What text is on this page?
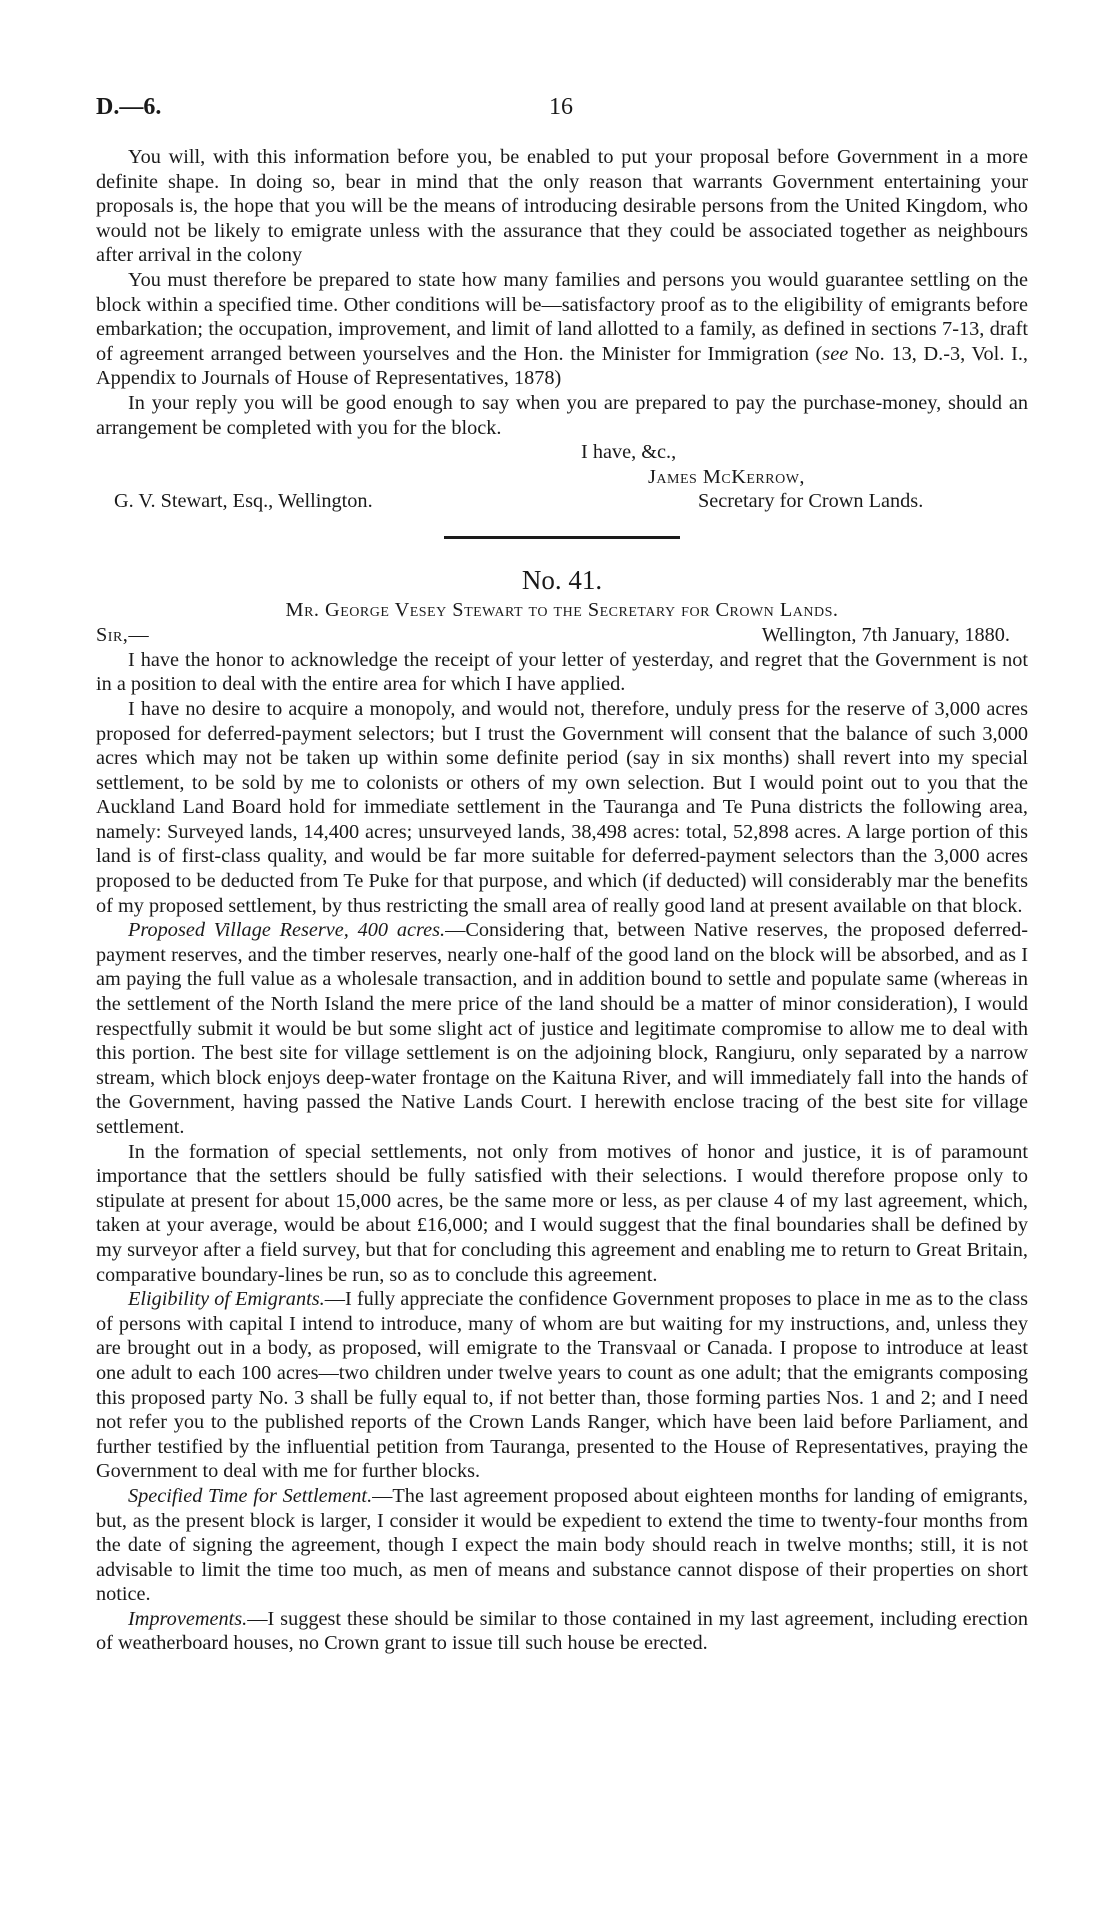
D.—6.	16

You will, with this information before you, be enabled to put your proposal before Government in a more definite shape. In doing so, bear in mind that the only reason that warrants Government entertaining your proposals is, the hope that you will be the means of introducing desirable persons from the United Kingdom, who would not be likely to emigrate unless with the assurance that they could be associated together as neighbours after arrival in the colony

You must therefore be prepared to state how many families and persons you would guarantee settling on the block within a specified time. Other conditions will be—satisfactory proof as to the eligibility of emigrants before embarkation; the occupation, improvement, and limit of land allotted to a family, as defined in sections 7-13, draft of agreement arranged between yourselves and the Hon. the Minister for Immigration (see No. 13, D.-3, Vol. I., Appendix to Journals of House of Representatives, 1878)

In your reply you will be good enough to say when you are prepared to pay the purchase-money, should an arrangement be completed with you for the block.

I have, &c.,
James McKerrow,
G. V. Stewart, Esq., Wellington.	Secretary for Crown Lands.
No. 41.
Mr. George Vesey Stewart to the Secretary for Crown Lands.
Sir,—	Wellington, 7th January, 1880.

I have the honor to acknowledge the receipt of your letter of yesterday, and regret that the Government is not in a position to deal with the entire area for which I have applied.

I have no desire to acquire a monopoly, and would not, therefore, unduly press for the reserve of 3,000 acres proposed for deferred-payment selectors; but I trust the Government will consent that the balance of such 3,000 acres which may not be taken up within some definite period (say in six months) shall revert into my special settlement, to be sold by me to colonists or others of my own selection. But I would point out to you that the Auckland Land Board hold for immediate settlement in the Tauranga and Te Puna districts the following area, namely: Surveyed lands, 14,400 acres; unsurveyed lands, 38,498 acres: total, 52,898 acres. A large portion of this land is of first-class quality, and would be far more suitable for deferred-payment selectors than the 3,000 acres proposed to be deducted from Te Puke for that purpose, and which (if deducted) will considerably mar the benefits of my proposed settlement, by thus restricting the small area of really good land at present available on that block.

Proposed Village Reserve, 400 acres.—Considering that, between Native reserves, the proposed deferred-payment reserves, and the timber reserves, nearly one-half of the good land on the block will be absorbed, and as I am paying the full value as a wholesale transaction, and in addition bound to settle and populate same (whereas in the settlement of the North Island the mere price of the land should be a matter of minor consideration), I would respectfully submit it would be but some slight act of justice and legitimate compromise to allow me to deal with this portion. The best site for village settlement is on the adjoining block, Rangiuru, only separated by a narrow stream, which block enjoys deep-water frontage on the Kaituna River, and will immediately fall into the hands of the Government, having passed the Native Lands Court. I herewith enclose tracing of the best site for village settlement.

In the formation of special settlements, not only from motives of honor and justice, it is of paramount importance that the settlers should be fully satisfied with their selections. I would therefore propose only to stipulate at present for about 15,000 acres, be the same more or less, as per clause 4 of my last agreement, which, taken at your average, would be about £16,000; and I would suggest that the final boundaries shall be defined by my surveyor after a field survey, but that for concluding this agreement and enabling me to return to Great Britain, comparative boundary-lines be run, so as to conclude this agreement.

Eligibility of Emigrants.—I fully appreciate the confidence Government proposes to place in me as to the class of persons with capital I intend to introduce, many of whom are but waiting for my instructions, and, unless they are brought out in a body, as proposed, will emigrate to the Transvaal or Canada. I propose to introduce at least one adult to each 100 acres—two children under twelve years to count as one adult; that the emigrants composing this proposed party No. 3 shall be fully equal to, if not better than, those forming parties Nos. 1 and 2; and I need not refer you to the published reports of the Crown Lands Ranger, which have been laid before Parliament, and further testified by the influential petition from Tauranga, presented to the House of Representatives, praying the Government to deal with me for further blocks.

Specified Time for Settlement.—The last agreement proposed about eighteen months for landing of emigrants, but, as the present block is larger, I consider it would be expedient to extend the time to twenty-four months from the date of signing the agreement, though I expect the main body should reach in twelve months; still, it is not advisable to limit the time too much, as men of means and substance cannot dispose of their properties on short notice.

Improvements.—I suggest these should be similar to those contained in my last agreement, including erection of weatherboard houses, no Crown grant to issue till such house be erected.
